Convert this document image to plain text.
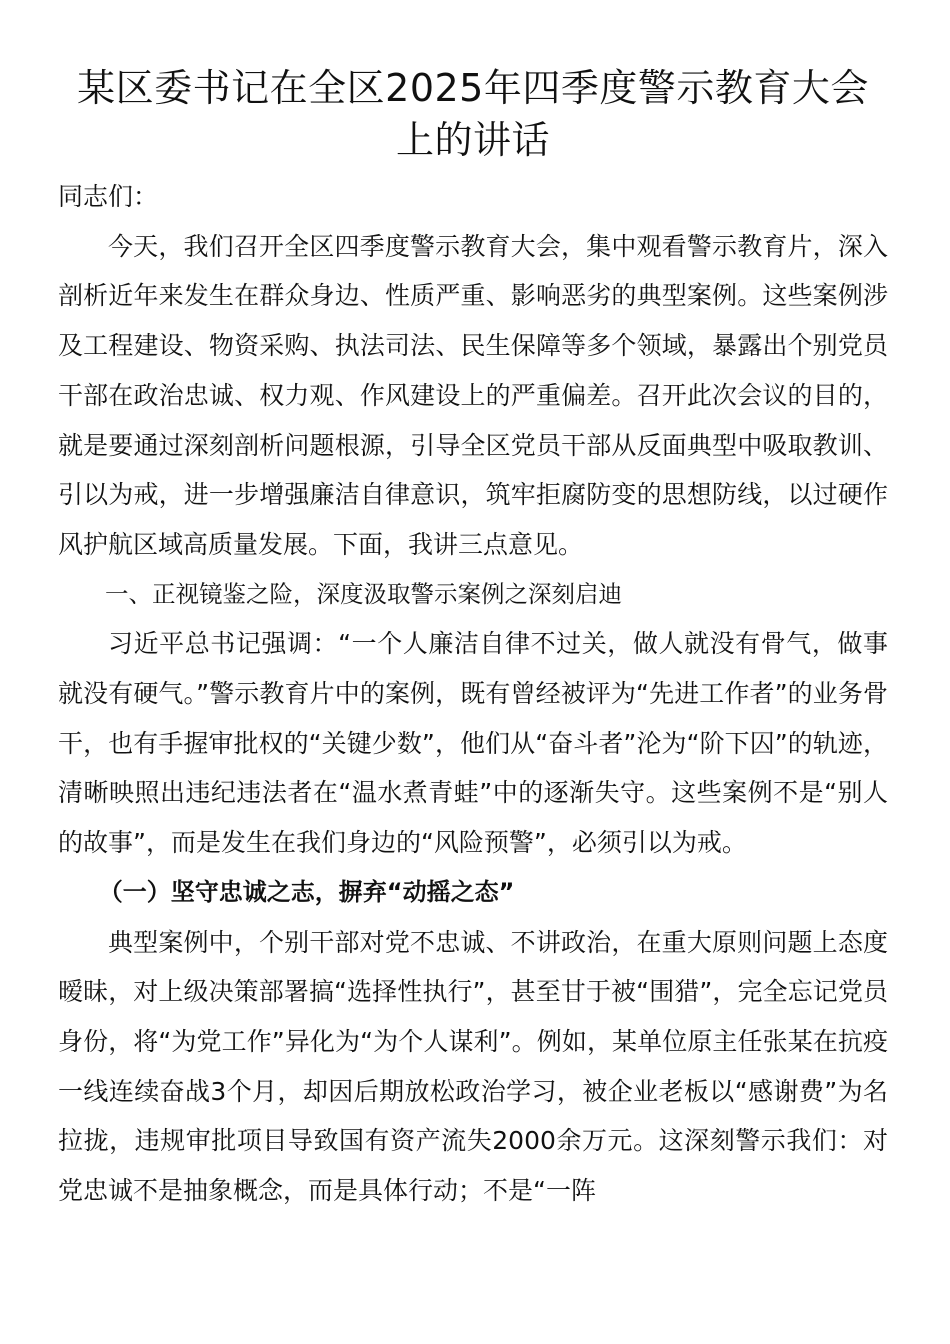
某区委书记在全区2025年四季度警示教育大会上的讲话

同志们：

今天，我们召开全区四季度警示教育大会，集中观看警示教育片，深入剖析近年来发生在群众身边、性质严重、影响恶劣的典型案例。这些案例涉及工程建设、物资采购、执法司法、民生保障等多个领域，暴露出个别党员干部在政治忠诚、权力观、作风建设上的严重偏差。召开此次会议的目的，就是要通过深刻剖析问题根源，引导全区党员干部从反面典型中吸取教训、引以为戒，进一步增强廉洁自律意识，筑牢拒腐防变的思想防线，以过硬作风护航区域高质量发展。下面，我讲三点意见。

一、正视镜鉴之险，深度汲取警示案例之深刻启迪

习近平总书记强调：“一个人廉洁自律不过关，做人就没有骨气，做事就没有硬气。”警示教育片中的案例，既有曾经被评为“先进工作者”的业务骨干，也有手握审批权的“关键少数”，他们从“奋斗者”沦为“阶下囚”的轨迹，清晰映照出违纪违法者在“温水煮青蛙”中的逐渐失守。这些案例不是“别人的故事”，而是发生在我们身边的“风险预警”，必须引以为戒。

（一）坚守忠诚之志，摒弃“动摇之态”

典型案例中，个别干部对党不忠诚、不讲政治，在重大原则问题上态度暧昧，对上级决策部署搞“选择性执行”，甚至甘于被“围猎”，完全忘记党员身份，将“为党工作”异化为“为个人谋利”。例如，某单位原主任张某在抗疫一线连续奋战3个月，却因后期放松政治学习，被企业老板以“感谢费”为名拉拢，违规审批项目导致国有资产流失2000余万元。这深刻警示我们：对党忠诚不是抽象概念，而是具体行动；不是“一阵
